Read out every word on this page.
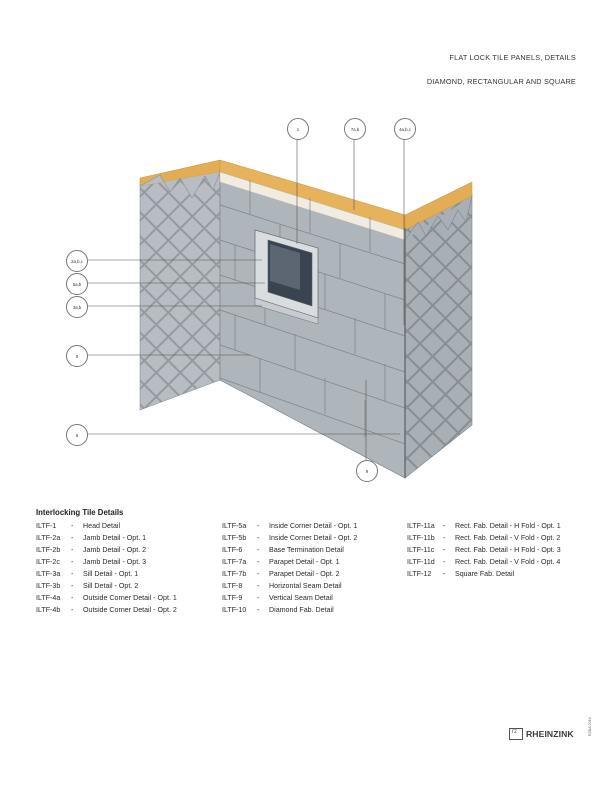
FLAT LOCK TILE PANELS, DETAILS
DIAMOND, RECTANGULAR AND SQUARE
1	7a,b	4a,b,c
2a,b,c
5a,b
3a,b
8
6
9
Interlocking Tile Details
ILTF-1	-	Head Detail
ILTF-2a	-	Jamb Detail - Opt. 1
ILTF-2b	-	Jamb Detail - Opt. 2
ILTF-2c	-	Jamb Detail - Opt. 3
ILTF-3a	-	Sill Detail - Opt. 1
ILTF-3b	-	Sill Detail - Opt. 2
ILTF-4a	-	Outside Corner Detail - Opt. 1
ILTF-4b	-	Outside Corner Detail - Opt. 2
ILTF-5a	-	Inside Corner Detail - Opt. 1
ILTF-5b	-	Inside Corner Detail - Opt. 2
ILTF-6	-	Base Termination Detail
ILTF-7a	-	Parapet Detail - Opt. 1
ILTF-7b	-	Parapet Detail - Opt. 2
ILTF-8	-	Horizontal Seam Detail
ILTF-9	-	Vertical Seam Detail
ILTF-10	-	Diamond Fab. Detail
ILTF-11a	-	Rect. Fab. Detail - H Fold - Opt. 1
ILTF-11b	-	Rect. Fab. Detail - V Fold - Opt. 2
ILTF-11c	-	Rect. Fab. Detail - H Fold - Opt. 3
ILTF-11d	-	Rect. Fab. Detail - V Fold - Opt. 4
ILTF-12	-	Square Fab. Detail
rz RHEINZINK	RZNA 2016
